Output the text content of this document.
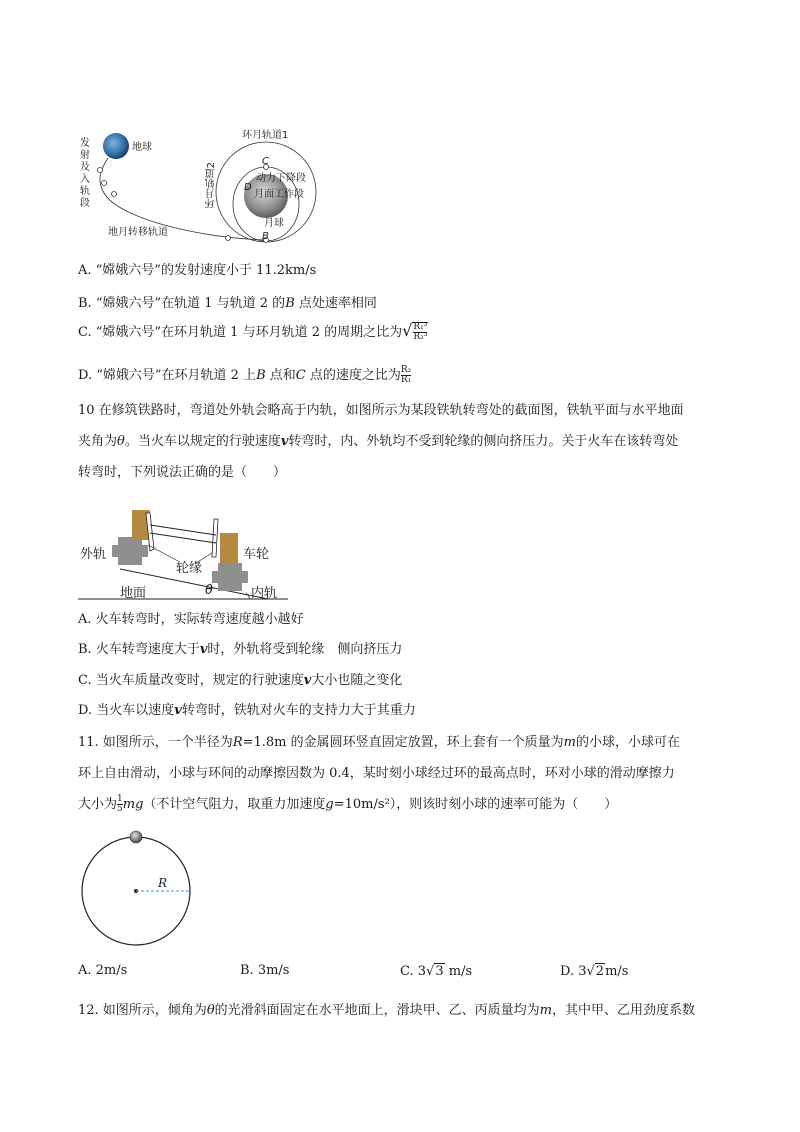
地球
地月转移轨道
环月轨道1
C
D
B
动力下降段
月面工作段
月球
发
射
及
入
轨
段	环月轨道2
A. “嫦娥六号”的发射速度小于 11.2km/s
B. “嫦娥六号”在轨道 1 与轨道 2 的B 点处速率相同
C. “嫦娥六号”在环月轨道 1 与环月轨道 2 的周期之比为√ $\frac{\text{R₁³}}{\text{R₂³}}$
D. “嫦娥六号”在环月轨道 2 上B 点和C 点的速度之比为 $\frac{\text{R₂}}{\text{R₁}}$
10 在修筑铁路时，弯道处外轨会略高于内轨，如图所示为某段铁轨转弯处的截面图，铁轨平面与水平地面
夹角为θ。当火车以规定的行驶速度v转弯时，内、外轨均不受到轮缘的侧向挤压力。关于火车在该转弯处
转弯时，下列说法正确的是（　　）
外轨	车轮
轮缘
地面	θ	内轨
A. 火车转弯时，实际转弯速度越小越好
B. 火车转弯速度大于v时，外轨将受到轮缘　侧向挤压力
C. 当火车质量改变时，规定的行驶速度v大小也随之变化
D. 当火车以速度v转弯时，铁轨对火车的支持力大于其重力
11. 如图所示，一个半径为R=1.8m 的金属圆环竖直固定放置，环上套有一个质量为m的小球，小球可在
环上自由滑动，小球与环间的动摩擦因数为 0.4，某时刻小球经过环的最高点时，环对小球的滑动摩擦力
大小为 $\frac{1}{5} mg$（不计空气阻力，取重力加速度g=10m/s²），则该时刻小球的速率可能为（　　）
R
A. 2m/s	B. 3m/s	C. 3√3 m/s	D. 3√2m/s
12. 如图所示，倾角为θ的光滑斜面固定在水平地面上，滑块甲、乙、丙质量均为m，其中甲、乙用劲度系数
